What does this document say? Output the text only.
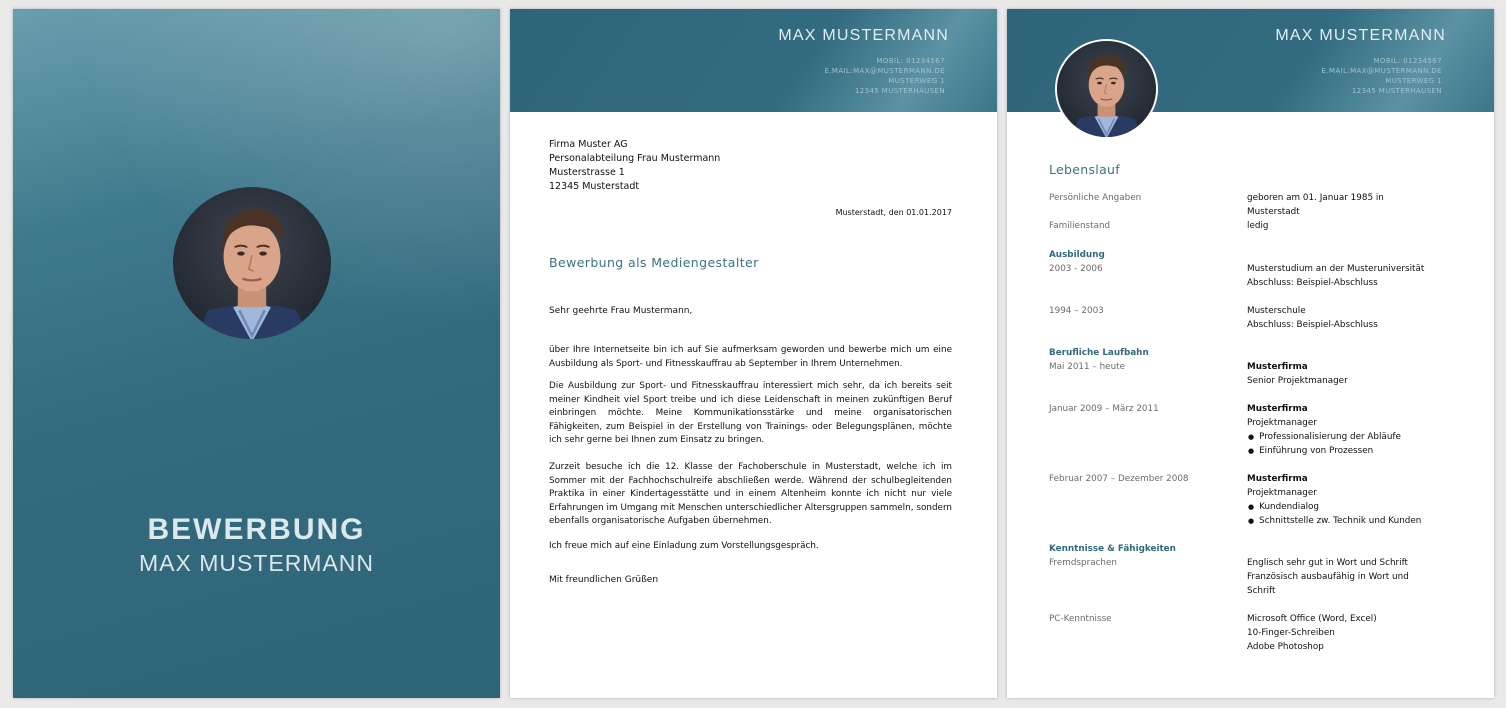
BEWERBUNG
MAX MUSTERMANN
MAX MUSTERMANN
MOBIL: 01234567
E.MAIL:MAX@MUSTERMANN.DE
MUSTERWEG 1
12345 MUSTERHAUSEN
Firma Muster AG
Personalabteilung Frau Mustermann
Musterstrasse 1
12345 Musterstadt
Musterstadt, den 01.01.2017
Bewerbung als Mediengestalter
Sehr geehrte Frau Mustermann,
über Ihre Internetseite bin ich auf Sie aufmerksam geworden und bewerbe mich um eine Ausbildung als Sport- und Fitnesskauffrau ab September in Ihrem Unternehmen.
Die Ausbildung zur Sport- und Fitnesskauffrau interessiert mich sehr, da ich bereits seit meiner Kindheit viel Sport treibe und ich diese Leidenschaft in meinen zukünftigen Beruf einbringen möchte. Meine Kommunikationsstärke und meine organisatorischen Fähigkeiten, zum Beispiel in der Erstellung von Trainings- oder Belegungsplänen, möchte ich sehr gerne bei Ihnen zum Einsatz zu bringen.
Zurzeit besuche ich die 12. Klasse der Fachoberschule in Musterstadt, welche ich im Sommer mit der Fachhochschulreife abschließen werde. Während der schulbegleitenden Praktika in einer Kindertagesstätte und in einem Altenheim konnte ich nicht nur viele Erfahrungen im Umgang mit Menschen unterschiedlicher Altersgruppen sammeln, sondern ebenfalls organisatorische Aufgaben übernehmen.
Ich freue mich auf eine Einladung zum Vorstellungsgespräch.
Mit freundlichen Grüßen
MAX MUSTERMANN
MOBIL: 01234567
E.MAIL:MAX@MUSTERMANN.DE
MUSTERWEG 1
12345 MUSTERHAUSEN
Lebenslauf
Persönliche Angaben	geboren am 01. Januar 1985 in
Musterstadt
Familienstand	ledig
Ausbildung
2003 - 2006	Musterstudium an der Musteruniversität
Abschluss: Beispiel-Abschluss
1994 – 2003	Musterschule
Abschluss: Beispiel-Abschluss
Berufliche Laufbahn
Mai 2011 – heute	Musterfirma
Senior Projektmanager
Januar 2009 – März 2011	Musterfirma
Projektmanager
● Professionalisierung der Abläufe
● Einführung von Prozessen
Februar 2007 – Dezember 2008	Musterfirma
Projektmanager
● Kundendialog
● Schnittstelle zw. Technik und Kunden
Kenntnisse & Fähigkeiten
Fremdsprachen	Englisch sehr gut in Wort und Schrift
Französisch ausbaufähig in Wort und
Schrift
PC-Kenntnisse	Microsoft Office (Word, Excel)
10-Finger-Schreiben
Adobe Photoshop
